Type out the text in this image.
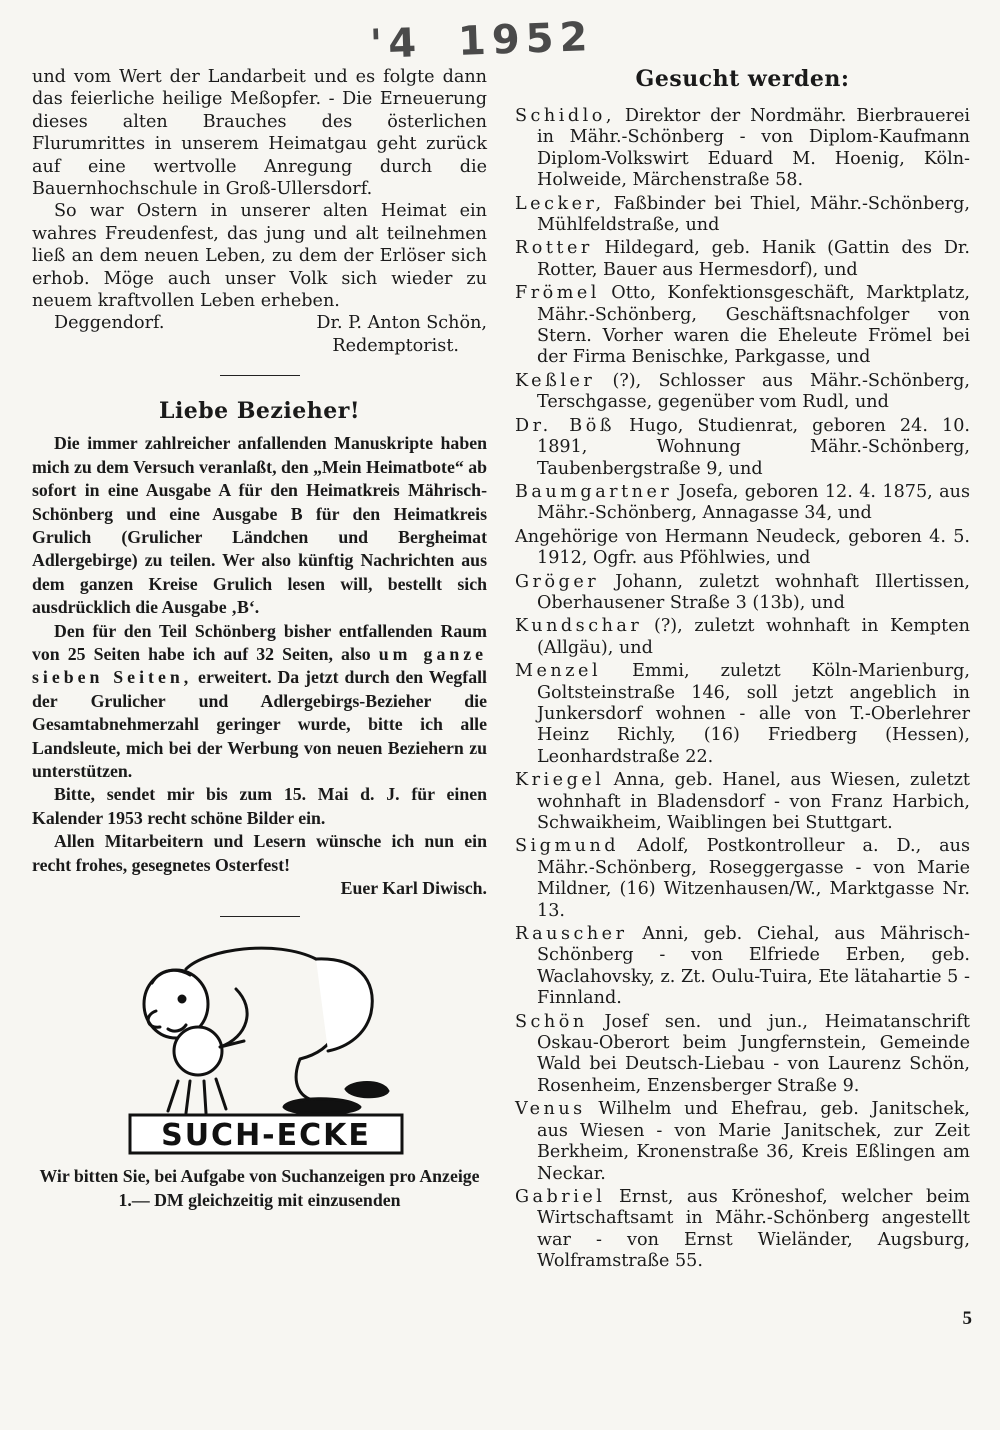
'4 1952

und vom Wert der Landarbeit und es folgte dann das feierliche heilige Meßopfer. - Die Erneuerung dieses alten Brauches des österlichen Flurumrittes in unserem Heimatgau geht zurück auf eine wertvolle Anregung durch die Bauernhochschule in Groß-Ullersdorf.

So war Ostern in unserer alten Heimat ein wahres Freudenfest, das jung und alt teilnehmen ließ an dem neuen Leben, zu dem der Erlöser sich erhob. Möge auch unser Volk sich wieder zu neuem kraftvollen Leben erheben.

Deggendorf.	Dr. P. Anton Schön,

Redemptorist.

Liebe Bezieher!

Die immer zahlreicher anfallenden Manuskripte haben mich zu dem Versuch veranlaßt, den „Mein Heimatbote“ ab sofort in eine Ausgabe A für den Heimatkreis Mährisch-Schönberg und eine Ausgabe B für den Heimatkreis Grulich (Grulicher Ländchen und Bergheimat Adlergebirge) zu teilen. Wer also künftig Nachrichten aus dem ganzen Kreise Grulich lesen will, bestellt sich ausdrücklich die Ausgabe ‚B‘.

Den für den Teil Schönberg bisher entfallenden Raum von 25 Seiten habe ich auf 32 Seiten, also um ganze sieben Seiten, erweitert. Da jetzt durch den Wegfall der Grulicher und Adlergebirgs-Bezieher die Gesamtabnehmerzahl geringer wurde, bitte ich alle Landsleute, mich bei der Werbung von neuen Beziehern zu unterstützen.

Bitte, sendet mir bis zum 15. Mai d. J. für einen Kalender 1953 recht schöne Bilder ein.

Allen Mitarbeitern und Lesern wünsche ich nun ein recht frohes, gesegnetes Osterfest!

Euer Karl Diwisch.

SUCH-ECKE

Wir bitten Sie, bei Aufgabe von Suchanzeigen pro Anzeige 1.— DM gleichzeitig mit einzusenden

Gesucht werden:

Schidlo, Direktor der Nordmähr. Bierbrauerei in Mähr.-Schönberg - von Diplom-Kaufmann Diplom-Volkswirt Eduard M. Hoenig, Köln-Holweide, Märchenstraße 58.

Lecker, Faßbinder bei Thiel, Mähr.-Schönberg, Mühlfeldstraße, und

Rotter Hildegard, geb. Hanik (Gattin des Dr. Rotter, Bauer aus Hermesdorf), und

Frömel Otto, Konfektionsgeschäft, Marktplatz, Mähr.-Schönberg, Geschäftsnachfolger von Stern. Vorher waren die Eheleute Frömel bei der Firma Benischke, Parkgasse, und

Keßler (?), Schlosser aus Mähr.-Schönberg, Terschgasse, gegenüber vom Rudl, und

Dr. Böß Hugo, Studienrat, geboren 24. 10. 1891, Wohnung Mähr.-Schönberg, Taubenbergstraße 9, und

Baumgartner Josefa, geboren 12. 4. 1875, aus Mähr.-Schönberg, Annagasse 34, und

Angehörige von Hermann Neudeck, geboren 4. 5. 1912, Ogfr. aus Pföhlwies, und

Gröger Johann, zuletzt wohnhaft Illertissen, Oberhausener Straße 3 (13b), und

Kundschar (?), zuletzt wohnhaft in Kempten (Allgäu), und

Menzel Emmi, zuletzt Köln-Marienburg, Goltsteinstraße 146, soll jetzt angeblich in Junkersdorf wohnen - alle von T.-Oberlehrer Heinz Richly, (16) Friedberg (Hessen), Leonhardstraße 22.

Kriegel Anna, geb. Hanel, aus Wiesen, zuletzt wohnhaft in Bladensdorf - von Franz Harbich, Schwaikheim, Waiblingen bei Stuttgart.

Sigmund Adolf, Postkontrolleur a. D., aus Mähr.-Schönberg, Roseggergasse - von Marie Mildner, (16) Witzenhausen/W., Marktgasse Nr. 13.

Rauscher Anni, geb. Ciehal, aus Mährisch-Schönberg - von Elfriede Erben, geb. Waclahovsky, z. Zt. Oulu-Tuira, Ete lätahartie 5 - Finnland.

Schön Josef sen. und jun., Heimatanschrift Oskau-Oberort beim Jungfernstein, Gemeinde Wald bei Deutsch-Liebau - von Laurenz Schön, Rosenheim, Enzensberger Straße 9.

Venus Wilhelm und Ehefrau, geb. Janitschek, aus Wiesen - von Marie Janitschek, zur Zeit Berkheim, Kronenstraße 36, Kreis Eßlingen am Neckar.

Gabriel Ernst, aus Kröneshof, welcher beim Wirtschaftsamt in Mähr.-Schönberg angestellt war - von Ernst Wieländer, Augsburg, Wolframstraße 55.

5
